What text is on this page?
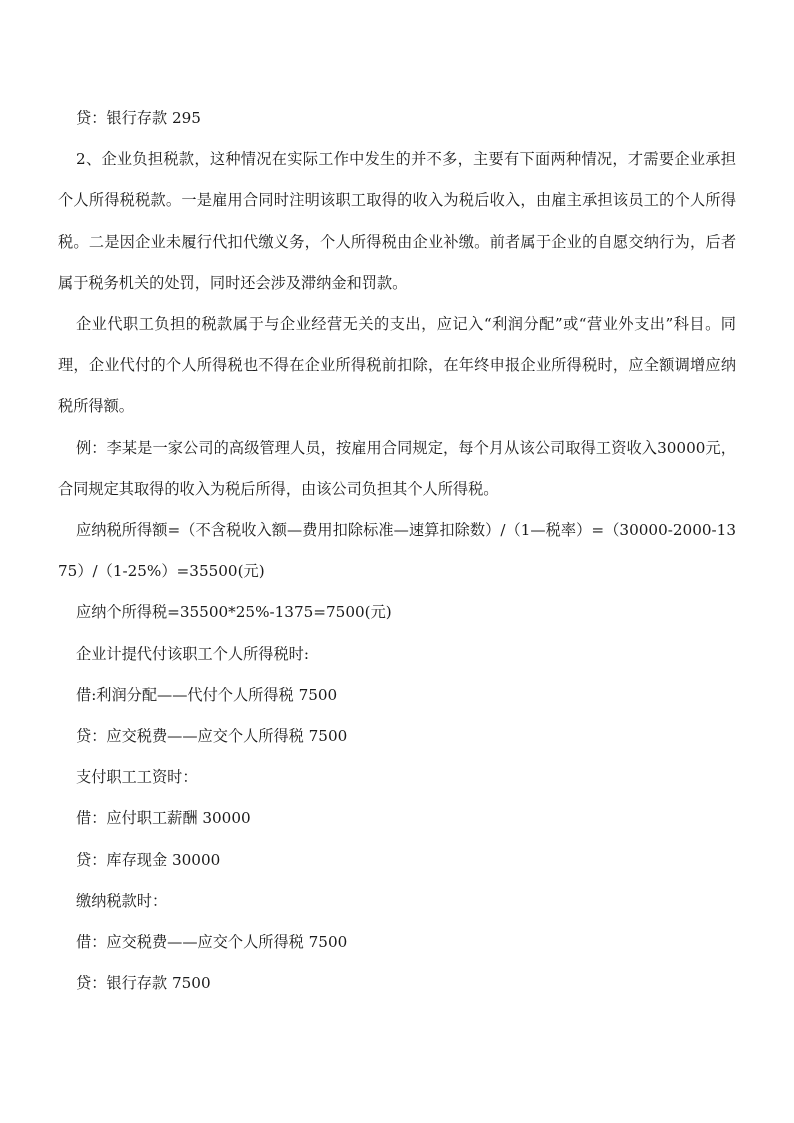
贷：银行存款 295

2、企业负担税款，这种情况在实际工作中发生的并不多，主要有下面两种情况，才需要企业承担个人所得税税款。一是雇用合同时注明该职工取得的收入为税后收入，由雇主承担该员工的个人所得税。二是因企业未履行代扣代缴义务，个人所得税由企业补缴。前者属于企业的自愿交纳行为，后者属于税务机关的处罚，同时还会涉及滞纳金和罚款。

企业代职工负担的税款属于与企业经营无关的支出，应记入“利润分配”或“营业外支出”科目。同理，企业代付的个人所得税也不得在企业所得税前扣除，在年终申报企业所得税时，应全额调增应纳税所得额。

例：李某是一家公司的高级管理人员，按雇用合同规定，每个月从该公司取得工资收入30000元，合同规定其取得的收入为税后所得，由该公司负担其个人所得税。

应纳税所得额=（不含税收入额—费用扣除标准—速算扣除数）/（1—税率）=（30000-2000-1375）/（1-25%）=35500(元)

应纳个所得税=35500*25%-1375=7500(元)

企业计提代付该职工个人所得税时:

借:利润分配——代付个人所得税 7500

贷：应交税费——应交个人所得税 7500

支付职工工资时：

借：应付职工薪酬 30000

贷：库存现金 30000

缴纳税款时：

借：应交税费——应交个人所得税 7500

贷：银行存款 7500
